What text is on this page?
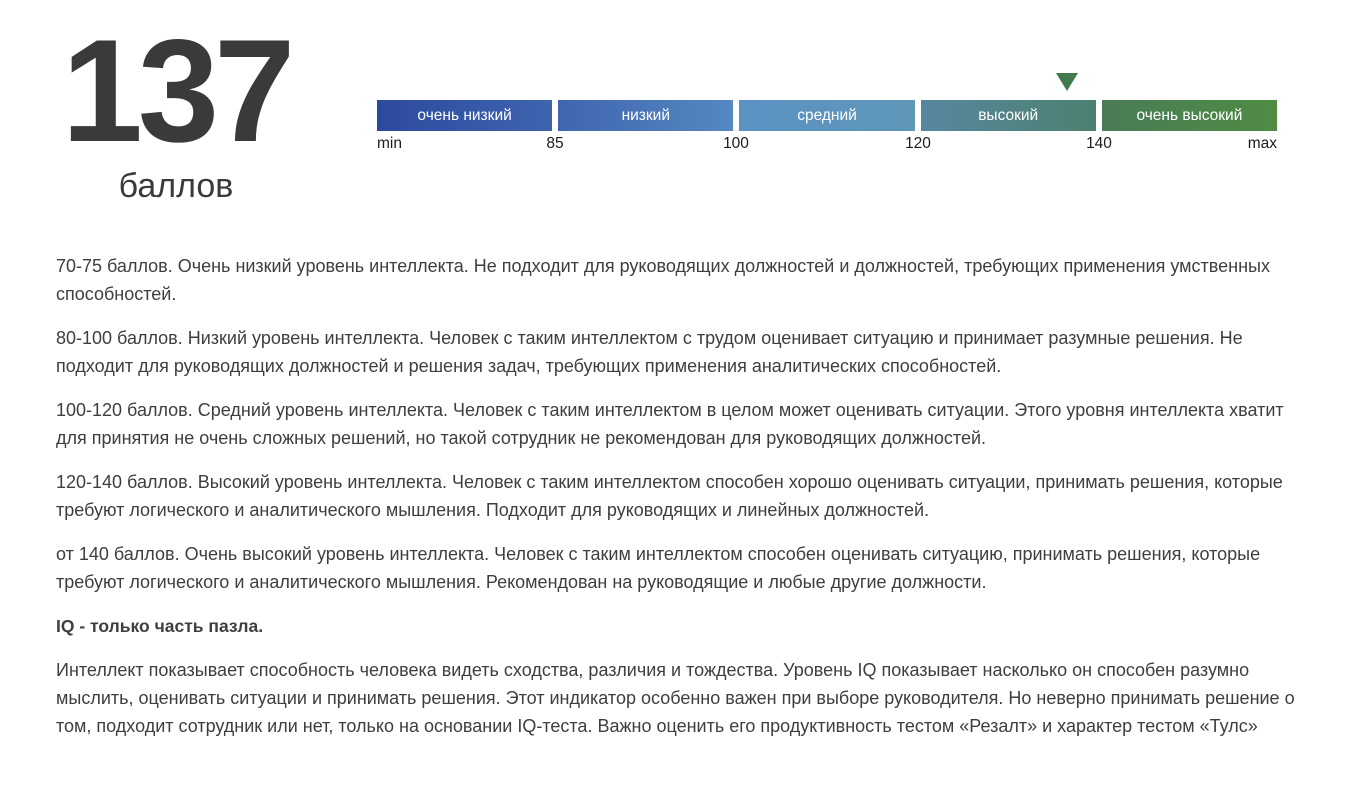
137
баллов
очень низкий	низкий	средний	высокий	очень высокий
min	85	100	120	140	max

70-75 баллов. Очень низкий уровень интеллекта. Не подходит для руководящих должностей и должностей, требующих применения умственных способностей.

80-100 баллов. Низкий уровень интеллекта. Человек с таким интеллектом с трудом оценивает ситуацию и принимает разумные решения. Не подходит для руководящих должностей и решения задач, требующих применения аналитических способностей.

100-120 баллов. Средний уровень интеллекта. Человек с таким интеллектом в целом может оценивать ситуации. Этого уровня интеллекта хватит для принятия не очень сложных решений, но такой сотрудник не рекомендован для руководящих должностей.

120-140 баллов. Высокий уровень интеллекта. Человек с таким интеллектом способен хорошо оценивать ситуации, принимать решения, которые требуют логического и аналитического мышления. Подходит для руководящих и линейных должностей.

от 140 баллов. Очень высокий уровень интеллекта. Человек с таким интеллектом способен оценивать ситуацию, принимать решения, которые требуют логического и аналитического мышления. Рекомендован на руководящие и любые другие должности.

IQ - только часть пазла.

Интеллект показывает способность человека видеть сходства, различия и тождества. Уровень IQ показывает насколько он способен разумно мыслить, оценивать ситуации и принимать решения. Этот индикатор особенно важен при выборе руководителя. Но неверно принимать решение о том, подходит сотрудник или нет, только на основании IQ-теста. Важно оценить его продуктивность тестом «Резалт» и характер тестом «Тулс»
